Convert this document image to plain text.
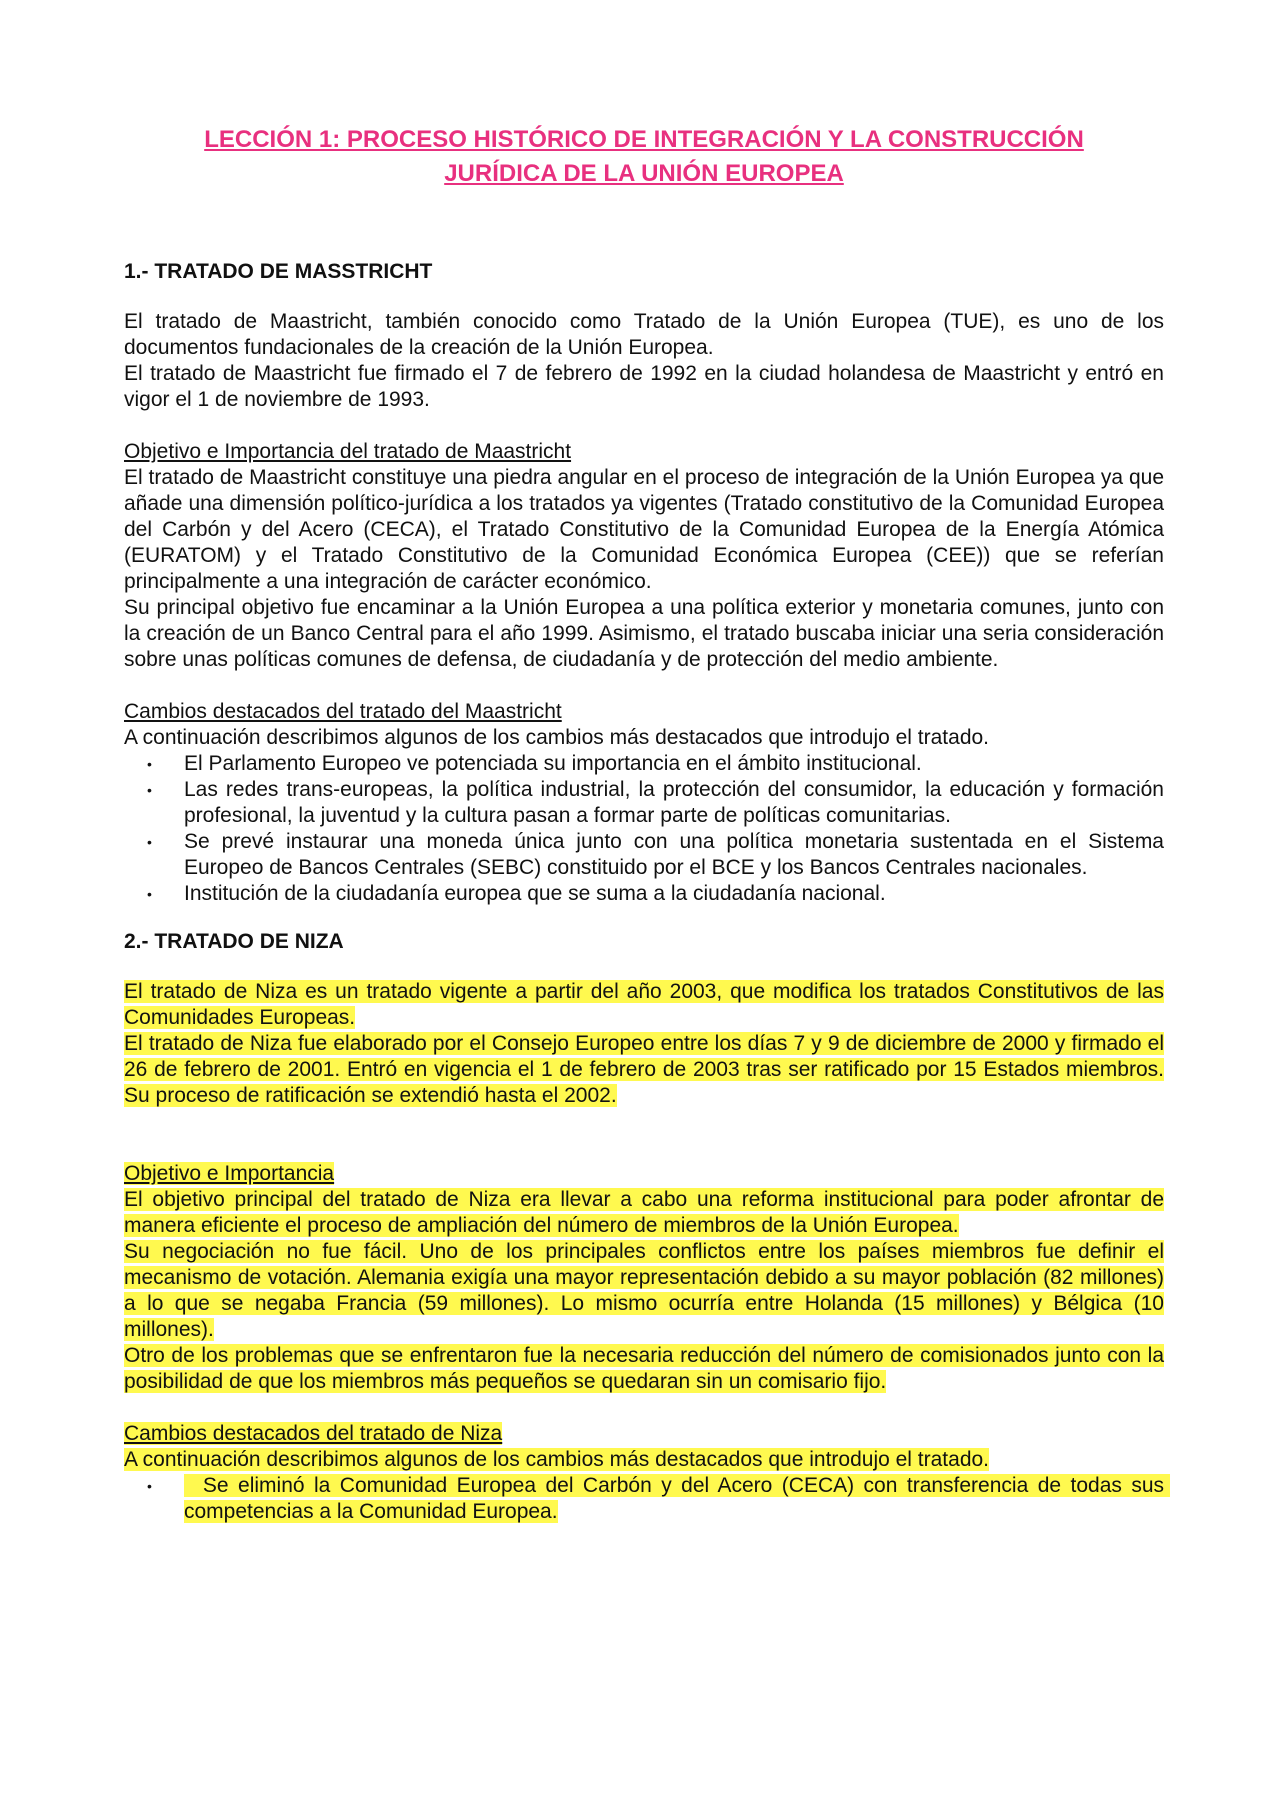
LECCIÓN 1: PROCESO HISTÓRICO DE INTEGRACIÓN Y LA CONSTRUCCIÓN
JURÍDICA DE LA UNIÓN EUROPEA
1.- TRATADO DE MASSTRICHT

El tratado de Maastricht, también conocido como Tratado de la Unión Europea (TUE), es uno de los documentos fundacionales de la creación de la Unión Europea.

El tratado de Maastricht fue firmado el 7 de febrero de 1992 en la ciudad holandesa de Maastricht y entró en vigor el 1 de noviembre de 1993.

Objetivo e Importancia del tratado de Maastricht

El tratado de Maastricht constituye una piedra angular en el proceso de integración de la Unión Europea ya que añade una dimensión político-jurídica a los tratados ya vigentes (Tratado constitutivo de la Comunidad Europea del Carbón y del Acero (CECA), el Tratado Constitutivo de la Comunidad Europea de la Energía Atómica (EURATOM) y el Tratado Constitutivo de la Comunidad Económica Europea (CEE)) que se referían principalmente a una integración de carácter económico.

Su principal objetivo fue encaminar a la Unión Europea a una política exterior y monetaria comunes, junto con la creación de un Banco Central para el año 1999. Asimismo, el tratado buscaba iniciar una seria consideración sobre unas políticas comunes de defensa, de ciudadanía y de protección del medio ambiente.

Cambios destacados del tratado del Maastricht

A continuación describimos algunos de los cambios más destacados que introdujo el tratado.

• El Parlamento Europeo ve potenciada su importancia en el ámbito institucional.
• Las redes trans-europeas, la política industrial, la protección del consumidor, la educación y formación profesional, la juventud y la cultura pasan a formar parte de políticas comunitarias.
• Se prevé instaurar una moneda única junto con una política monetaria sustentada en el Sistema Europeo de Bancos Centrales (SEBC) constituido por el BCE y los Bancos Centrales nacionales.
• Institución de la ciudadanía europea que se suma a la ciudadanía nacional.
2.- TRATADO DE NIZA

El tratado de Niza es un tratado vigente a partir del año 2003, que modifica los tratados Constitutivos de las Comunidades Europeas.

El tratado de Niza fue elaborado por el Consejo Europeo entre los días 7 y 9 de diciembre de 2000 y firmado el 26 de febrero de 2001. Entró en vigencia el 1 de febrero de 2003 tras ser ratificado por 15 Estados miembros. Su proceso de ratificación se extendió hasta el 2002.

Objetivo e Importancia

El objetivo principal del tratado de Niza era llevar a cabo una reforma institucional para poder afrontar de manera eficiente el proceso de ampliación del número de miembros de la Unión Europea.

Su negociación no fue fácil. Uno de los principales conflictos entre los países miembros fue definir el mecanismo de votación. Alemania exigía una mayor representación debido a su mayor población (82 millones) a lo que se negaba Francia (59 millones). Lo mismo ocurría entre Holanda (15 millones) y Bélgica (10 millones).

Otro de los problemas que se enfrentaron fue la necesaria reducción del número de comisionados junto con la posibilidad de que los miembros más pequeños se quedaran sin un comisario fijo.

Cambios destacados del tratado de Niza

A continuación describimos algunos de los cambios más destacados que introdujo el tratado.

•   Se eliminó la Comunidad Europea del Carbón y del Acero (CECA) con transferencia de todas sus competencias a la Comunidad Europea.
